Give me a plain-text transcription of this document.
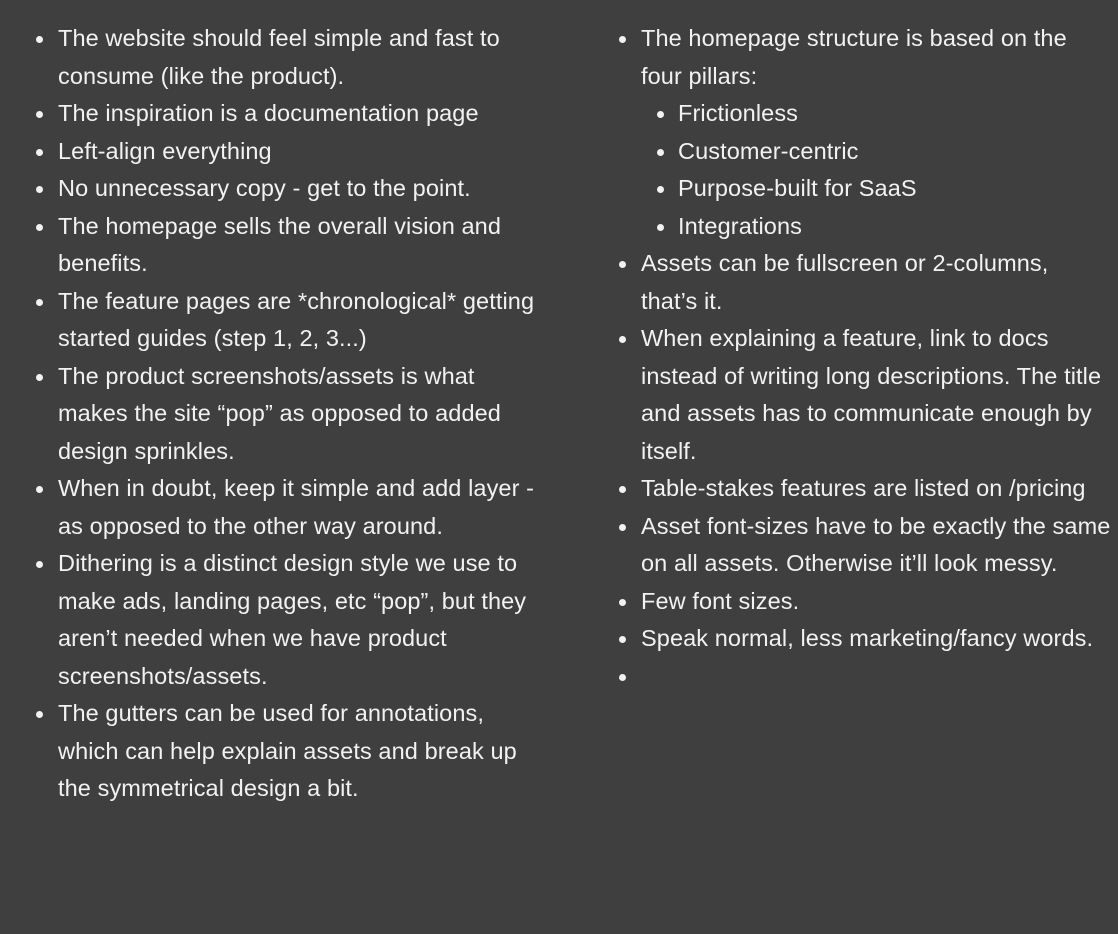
The website should feel simple and fast to consume (like the product).
The inspiration is a documentation page
Left-align everything
No unnecessary copy - get to the point.
The homepage sells the overall vision and benefits.
The feature pages are *chronological* getting started guides (step 1, 2, 3...)
The product screenshots/assets is what makes the site “pop” as opposed to added design sprinkles.
When in doubt, keep it simple and add layer - as opposed to the other way around.
Dithering is a distinct design style we use to make ads, landing pages, etc “pop”, but they aren’t needed when we have product screenshots/assets.
The gutters can be used for annotations, which can help explain assets and break up the symmetrical design a bit.
The homepage structure is based on the four pillars:
Frictionless
Customer-centric
Purpose-built for SaaS
Integrations
Assets can be fullscreen or 2-columns, that’s it.
When explaining a feature, link to docs instead of writing long descriptions. The title and assets has to communicate enough by itself.
Table-stakes features are listed on /pricing
Asset font-sizes have to be exactly the same on all assets. Otherwise it’ll look messy.
Few font sizes.
Speak normal, less marketing/fancy words.
